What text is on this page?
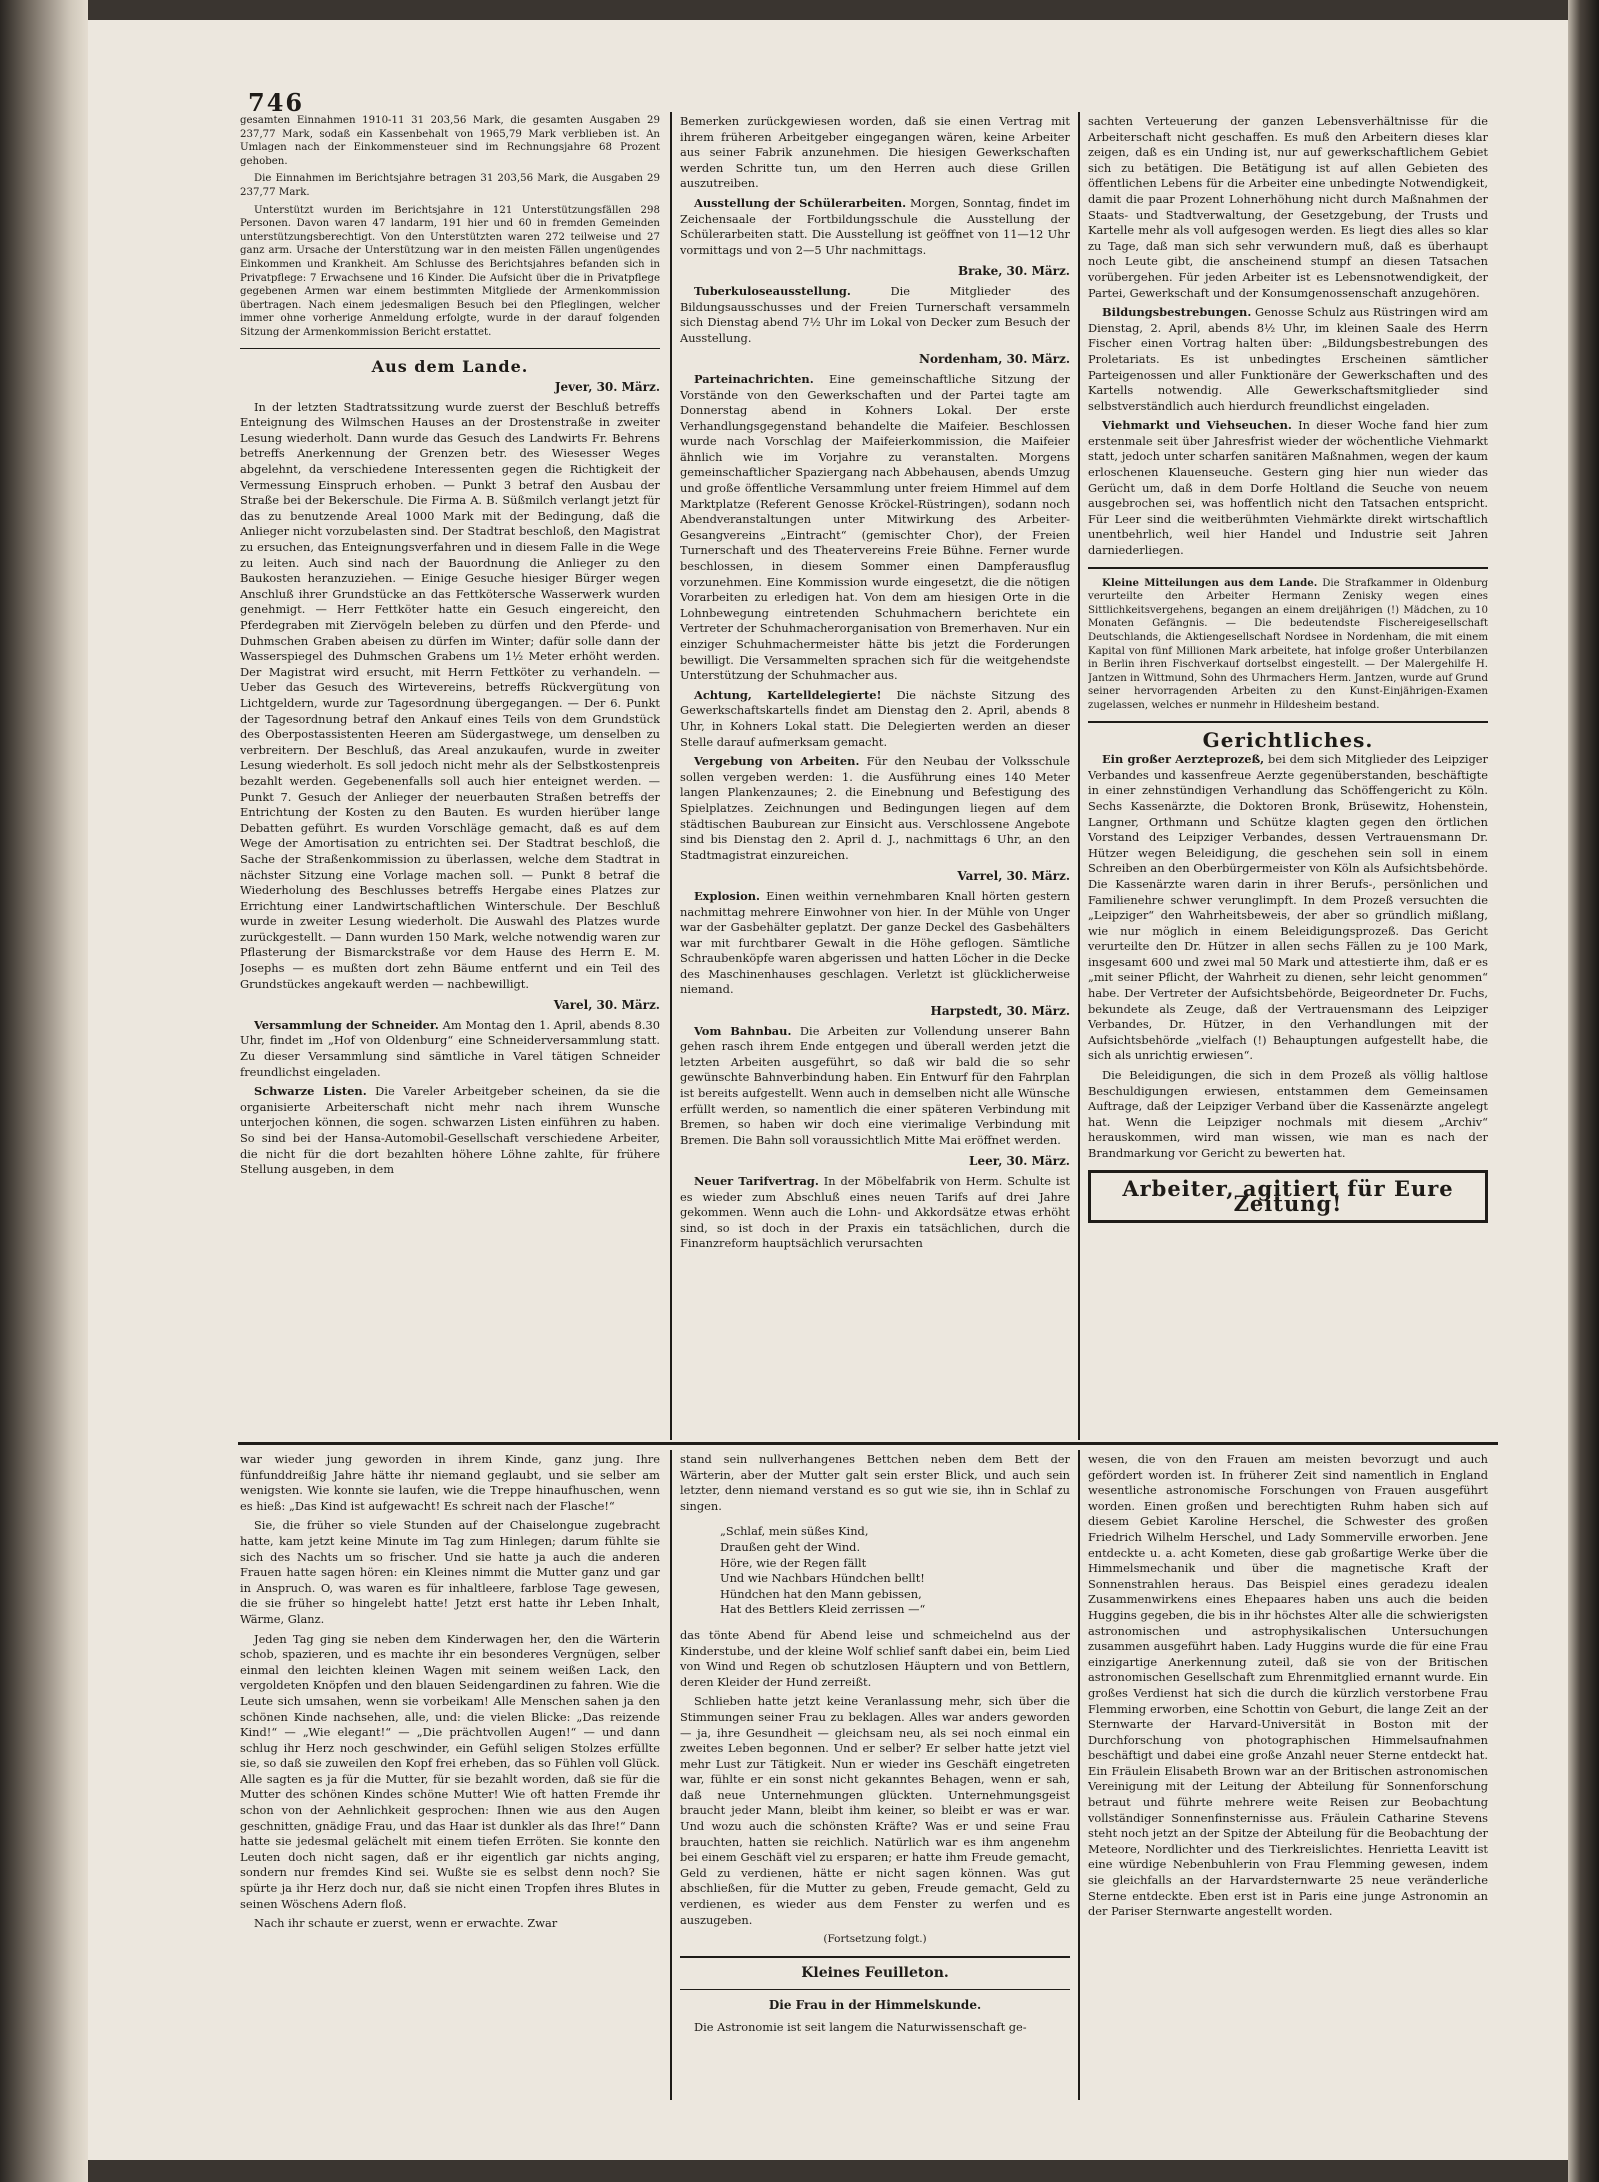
746

gesamten Einnahmen 1910-11 31 203,56 Mark, die gesamten Ausgaben 29 237,77 Mark, sodaß ein Kassenbehalt von 1965,79 Mark verblieben ist. An Umlagen nach der Einkommensteuer sind im Rechnungsjahre 68 Prozent gehoben.

Die Einnahmen im Berichtsjahre betragen 31 203,56 Mark, die Ausgaben 29 237,77 Mark.

Unterstützt wurden im Berichtsjahre in 121 Unterstützungsfällen 298 Personen. Davon waren 47 landarm, 191 hier und 60 in fremden Gemeinden unterstützungsberechtigt. Von den Unterstützten waren 272 teilweise und 27 ganz arm. Ursache der Unterstützung war in den meisten Fällen ungenügendes Einkommen und Krankheit. Am Schlusse des Berichtsjahres befanden sich in Privatpflege: 7 Erwachsene und 16 Kinder. Die Aufsicht über die in Privatpflege gegebenen Armen war einem bestimmten Mitgliede der Armenkommission übertragen. Nach einem jedesmaligen Besuch bei den Pfleglingen, welcher immer ohne vorherige Anmeldung erfolgte, wurde in der darauf folgenden Sitzung der Armenkommission Bericht erstattet.

Aus dem Lande.
Jever, 30. März.

In der letzten Stadtratssitzung wurde zuerst der Beschluß betreffs Enteignung des Wilmschen Hauses an der Drostenstraße in zweiter Lesung wiederholt. Dann wurde das Gesuch des Landwirts Fr. Behrens betreffs Anerkennung der Grenzen betr. des Wiesesser Weges abgelehnt, da verschiedene Interessenten gegen die Richtigkeit der Vermessung Einspruch erhoben. — Punkt 3 betraf den Ausbau der Straße bei der Bekerschule. Die Firma A. B. Süßmilch verlangt jetzt für das zu benutzende Areal 1000 Mark mit der Bedingung, daß die Anlieger nicht vorzubelasten sind. Der Stadtrat beschloß, den Magistrat zu ersuchen, das Enteignungsverfahren und in diesem Falle in die Wege zu leiten. Auch sind nach der Bauordnung die Anlieger zu den Baukosten heranzuziehen. — Einige Gesuche hiesiger Bürger wegen Anschluß ihrer Grundstücke an das Fettkötersche Wasserwerk wurden genehmigt. — Herr Fettköter hatte ein Gesuch eingereicht, den Pferdegraben mit Ziervögeln beleben zu dürfen und den Pferde- und Duhmschen Graben abeisen zu dürfen im Winter; dafür solle dann der Wasserspiegel des Duhmschen Grabens um 1½ Meter erhöht werden. Der Magistrat wird ersucht, mit Herrn Fettköter zu verhandeln. — Ueber das Gesuch des Wirtevereins, betreffs Rückvergütung von Lichtgeldern, wurde zur Tagesordnung übergegangen. — Der 6. Punkt der Tagesordnung betraf den Ankauf eines Teils von dem Grundstück des Oberpostassistenten Heeren am Südergastwege, um denselben zu verbreitern. Der Beschluß, das Areal anzukaufen, wurde in zweiter Lesung wiederholt. Es soll jedoch nicht mehr als der Selbstkostenpreis bezahlt werden. Gegebenenfalls soll auch hier enteignet werden. — Punkt 7. Gesuch der Anlieger der neuerbauten Straßen betreffs der Entrichtung der Kosten zu den Bauten. Es wurden hierüber lange Debatten geführt. Es wurden Vorschläge gemacht, daß es auf dem Wege der Amortisation zu entrichten sei. Der Stadtrat beschloß, die Sache der Straßenkommission zu überlassen, welche dem Stadtrat in nächster Sitzung eine Vorlage machen soll. — Punkt 8 betraf die Wiederholung des Beschlusses betreffs Hergabe eines Platzes zur Errichtung einer Landwirtschaftlichen Winterschule. Der Beschluß wurde in zweiter Lesung wiederholt. Die Auswahl des Platzes wurde zurückgestellt. — Dann wurden 150 Mark, welche notwendig waren zur Pflasterung der Bismarckstraße vor dem Hause des Herrn E. M. Josephs — es mußten dort zehn Bäume entfernt und ein Teil des Grundstückes angekauft werden — nachbewilligt.

Varel, 30. März.

Versammlung der Schneider. Am Montag den 1. April, abends 8.30 Uhr, findet im „Hof von Oldenburg“ eine Schneiderversammlung statt. Zu dieser Versammlung sind sämtliche in Varel tätigen Schneider freundlichst eingeladen.

Schwarze Listen. Die Vareler Arbeitgeber scheinen, da sie die organisierte Arbeiterschaft nicht mehr nach ihrem Wunsche unterjochen können, die sogen. schwarzen Listen einführen zu haben. So sind bei der Hansa-Automobil-Gesellschaft verschiedene Arbeiter, die nicht für die dort bezahlten höhere Löhne zahlte, für frühere Stellung ausgeben, in dem

Bemerken zurückgewiesen worden, daß sie einen Vertrag mit ihrem früheren Arbeitgeber eingegangen wären, keine Arbeiter aus seiner Fabrik anzunehmen. Die hiesigen Gewerkschaften werden Schritte tun, um den Herren auch diese Grillen auszutreiben.

Ausstellung der Schülerarbeiten. Morgen, Sonntag, findet im Zeichensaale der Fortbildungsschule die Ausstellung der Schülerarbeiten statt. Die Ausstellung ist geöffnet von 11—12 Uhr vormittags und von 2—5 Uhr nachmittags.

Brake, 30. März.

Tuberkuloseausstellung.	Die Mitglieder des Bildungsausschusses und der Freien Turnerschaft versammeln sich Dienstag abend 7½ Uhr im Lokal von Decker zum Besuch der Ausstellung.

Nordenham, 30. März.

Parteinachrichten. Eine gemeinschaftliche Sitzung der Vorstände von den Gewerkschaften und der Partei tagte am Donnerstag abend in Kohners Lokal. Der erste Verhandlungsgegenstand behandelte die Maifeier. Beschlossen wurde nach Vorschlag der Maifeierkommission, die Maifeier ähnlich wie im Vorjahre zu veranstalten. Morgens gemeinschaftlicher Spaziergang nach Abbehausen, abends Umzug und große öffentliche Versammlung unter freiem Himmel auf dem Marktplatze (Referent Genosse Kröckel-Rüstringen), sodann noch Abendveranstaltungen unter Mitwirkung des Arbeiter-Gesangvereins „Eintracht“ (gemischter Chor), der Freien Turnerschaft und des Theatervereins Freie Bühne. Ferner wurde beschlossen, in diesem Sommer einen Dampferausflug vorzunehmen. Eine Kommission wurde eingesetzt, die die nötigen Vorarbeiten zu erledigen hat. Von dem am hiesigen Orte in die Lohnbewegung eintretenden Schuhmachern berichtete ein Vertreter der Schuhmacherorganisation von Bremerhaven. Nur ein einziger Schuhmachermeister hätte bis jetzt die Forderungen bewilligt. Die Versammelten sprachen sich für die weitgehendste Unterstützung der Schuhmacher aus.

Achtung, Kartelldelegierte! Die nächste Sitzung des Gewerkschaftskartells findet am Dienstag den 2. April, abends 8 Uhr, in Kohners Lokal statt. Die Delegierten werden an dieser Stelle darauf aufmerksam gemacht.

Vergebung von Arbeiten. Für den Neubau der Volksschule sollen vergeben werden: 1. die Ausführung eines 140 Meter langen Plankenzaunes; 2. die Einebnung und Befestigung des Spielplatzes. Zeichnungen und Bedingungen liegen auf dem städtischen Bauburean zur Einsicht aus. Verschlossene Angebote sind bis Dienstag den 2. April d. J., nachmittags 6 Uhr, an den Stadtmagistrat einzureichen.

Varrel, 30. März.

Explosion. Einen weithin vernehmbaren Knall hörten gestern nachmittag mehrere Einwohner von hier. In der Mühle von Unger war der Gasbehälter geplatzt. Der ganze Deckel des Gasbehälters war mit furchtbarer Gewalt in die Höhe geflogen. Sämtliche Schraubenköpfe waren abgerissen und hatten Löcher in die Decke des Maschinenhauses geschlagen. Verletzt ist glücklicherweise niemand.

Harpstedt, 30. März.

Vom Bahnbau. Die Arbeiten zur Vollendung unserer Bahn gehen rasch ihrem Ende entgegen und überall werden jetzt die letzten Arbeiten ausgeführt, so daß wir bald die so sehr gewünschte Bahnverbindung haben. Ein Entwurf für den Fahrplan ist bereits aufgestellt. Wenn auch in demselben nicht alle Wünsche erfüllt werden, so namentlich die einer späteren Verbindung mit Bremen, so haben wir doch eine vierimalige Verbindung mit Bremen. Die Bahn soll voraussichtlich Mitte Mai eröffnet werden.

Leer, 30. März.

Neuer Tarifvertrag. In der Möbelfabrik von Herm. Schulte ist es wieder zum Abschluß eines neuen Tarifs auf drei Jahre gekommen. Wenn auch die Lohn- und Akkordsätze etwas erhöht sind, so ist doch in der Praxis ein tatsächlichen, durch die Finanzreform hauptsächlich verursachten

sachten Verteuerung der ganzen Lebensverhältnisse für die Arbeiterschaft nicht geschaffen. Es muß den Arbeitern dieses klar zeigen, daß es ein Unding ist, nur auf gewerkschaftlichem Gebiet sich zu betätigen. Die Betätigung ist auf allen Gebieten des öffentlichen Lebens für die Arbeiter eine unbedingte Notwendigkeit, damit die paar Prozent Lohnerhöhung nicht durch Maßnahmen der Staats- und Stadtverwaltung, der Gesetzgebung, der Trusts und Kartelle mehr als voll aufgesogen werden. Es liegt dies alles so klar zu Tage, daß man sich sehr verwundern muß, daß es überhaupt noch Leute gibt, die anscheinend stumpf an diesen Tatsachen vorübergehen. Für jeden Arbeiter ist es Lebensnotwendigkeit, der Partei, Gewerkschaft und der Konsumgenossenschaft anzugehören.

Bildungsbestrebungen. Genosse Schulz aus Rüstringen wird am Dienstag, 2. April, abends 8½ Uhr, im kleinen Saale des Herrn Fischer einen Vortrag halten über: „Bildungsbestrebungen des Proletariats. Es ist unbedingtes Erscheinen sämtlicher Parteigenossen und aller Funktionäre der Gewerkschaften und des Kartells notwendig. Alle Gewerkschaftsmitglieder sind selbstverständlich auch hierdurch freundlichst eingeladen.

Viehmarkt und Viehseuchen. In dieser Woche fand hier zum erstenmale seit über Jahresfrist wieder der wöchentliche Viehmarkt statt, jedoch unter scharfen sanitären Maßnahmen, wegen der kaum erloschenen Klauenseuche. Gestern ging hier nun wieder das Gerücht um, daß in dem Dorfe Holtland die Seuche von neuem ausgebrochen sei, was hoffentlich nicht den Tatsachen entspricht. Für Leer sind die weitberühmten Viehmärkte direkt wirtschaftlich unentbehrlich, weil hier Handel und Industrie seit Jahren darniederliegen.

Kleine Mitteilungen aus dem Lande. Die Strafkammer in Oldenburg verurteilte den Arbeiter Hermann Zenisky wegen eines Sittlichkeitsvergehens, begangen an einem dreijährigen (!) Mädchen, zu 10 Monaten Gefängnis. — Die bedeutendste Fischereigesellschaft Deutschlands, die Aktiengesellschaft Nordsee in Nordenham, die mit einem Kapital von fünf Millionen Mark arbeitete, hat infolge großer Unterbilanzen in Berlin ihren Fischverkauf dortselbst eingestellt. — Der Malergehilfe H. Jantzen in Wittmund, Sohn des Uhrmachers Herm. Jantzen, wurde auf Grund seiner hervorragenden Arbeiten zu den Kunst-Einjährigen-Examen zugelassen, welches er nunmehr in Hildesheim bestand.

Gerichtliches.

Ein großer Aerzteprozeß, bei dem sich Mitglieder des Leipziger Verbandes und kassenfreue Aerzte gegenüberstanden, beschäftigte in einer zehnstündigen Verhandlung das Schöffengericht zu Köln. Sechs Kassenärzte, die Doktoren Bronk, Brüsewitz, Hohenstein, Langner, Orthmann und Schütze klagten gegen den örtlichen Vorstand des Leipziger Verbandes, dessen Vertrauensmann Dr. Hützer wegen Beleidigung, die geschehen sein soll in einem Schreiben an den Oberbürgermeister von Köln als Aufsichtsbehörde. Die Kassenärzte waren darin in ihrer Berufs-, persönlichen und Familienehre schwer verunglimpft. In dem Prozeß versuchten die „Leipziger“ den Wahrheitsbeweis, der aber so gründlich mißlang, wie nur möglich in einem Beleidigungsprozeß. Das Gericht verurteilte den Dr. Hützer in allen sechs Fällen zu je 100 Mark, insgesamt 600 und zwei mal 50 Mark und attestierte ihm, daß er es „mit seiner Pflicht, der Wahrheit zu dienen, sehr leicht genommen“ habe. Der Vertreter der Aufsichtsbehörde, Beigeordneter Dr. Fuchs, bekundete als Zeuge, daß der Vertrauensmann des Leipziger Verbandes, Dr. Hützer, in den Verhandlungen mit der Aufsichtsbehörde „vielfach (!) Behauptungen aufgestellt habe, die sich als unrichtig erwiesen“.

Die Beleidigungen, die sich in dem Prozeß als völlig haltlose Beschuldigungen erwiesen, entstammen dem Gemeinsamen Auftrage, daß der Leipziger Verband über die Kassenärzte angelegt hat. Wenn die Leipziger nochmals mit diesem „Archiv“ herauskommen, wird man wissen, wie man es nach der Brandmarkung vor Gericht zu bewerten hat.

Arbeiter, agitiert für Eure Zeitung!

war wieder jung geworden in ihrem Kinde, ganz jung. Ihre fünfunddreißig Jahre hätte ihr niemand geglaubt, und sie selber am wenigsten. Wie konnte sie laufen, wie die Treppe hinaufhuschen, wenn es hieß: „Das Kind ist aufgewacht! Es schreit nach der Flasche!“

Sie, die früher so viele Stunden auf der Chaiselongue zugebracht hatte, kam jetzt keine Minute im Tag zum Hinlegen; darum fühlte sie sich des Nachts um so frischer. Und sie hatte ja auch die anderen Frauen hatte sagen hören: ein Kleines nimmt die Mutter ganz und gar in Anspruch. O, was waren es für inhaltleere, farblose Tage gewesen, die sie früher so hingelebt hatte! Jetzt erst hatte ihr Leben Inhalt, Wärme, Glanz.

Jeden Tag ging sie neben dem Kinderwagen her, den die Wärterin schob, spazieren, und es machte ihr ein besonderes Vergnügen, selber einmal den leichten kleinen Wagen mit seinem weißen Lack, den vergoldeten Knöpfen und den blauen Seidengardinen zu fahren. Wie die Leute sich umsahen, wenn sie vorbeikam! Alle Menschen sahen ja den schönen Kinde nachsehen, alle, und: die vielen Blicke: „Das reizende Kind!“ — „Wie elegant!“ — „Die prächtvollen Augen!“ — und dann schlug ihr Herz noch geschwinder, ein Gefühl seligen Stolzes erfüllte sie, so daß sie zuweilen den Kopf frei erheben, das so Fühlen voll Glück. Alle sagten es ja für die Mutter, für sie bezahlt worden, daß sie für die Mutter des schönen Kindes schöne Mutter! Wie oft hatten Fremde ihr schon von der Aehnlichkeit gesprochen: Ihnen wie aus den Augen geschnitten, gnädige Frau, und das Haar ist dunkler als das Ihre!“ Dann hatte sie jedesmal gelächelt mit einem tiefen Erröten. Sie konnte den Leuten doch nicht sagen, daß er ihr eigentlich gar nichts anging, sondern nur fremdes Kind sei. Wußte sie es selbst denn noch? Sie spürte ja ihr Herz doch nur, daß sie nicht einen Tropfen ihres Blutes in seinen Wöschens Adern floß.

Nach ihr schaute er zuerst, wenn er erwachte. Zwar

stand sein nullverhangenes Bettchen neben dem Bett der Wärterin, aber der Mutter galt sein erster Blick, und auch sein letzter, denn niemand verstand es so gut wie sie, ihn in Schlaf zu singen.

„Schlaf, mein süßes Kind,
Draußen geht der Wind.
Höre, wie der Regen fällt
Und wie Nachbars Hündchen bellt!
Hündchen hat den Mann gebissen,
Hat des Bettlers Kleid zerrissen —“

das tönte Abend für Abend leise und schmeichelnd aus der Kinderstube, und der kleine Wolf schlief sanft dabei ein, beim Lied von Wind und Regen ob schutzlosen Häuptern und von Bettlern, deren Kleider der Hund zerreißt.

Schlieben hatte jetzt keine Veranlassung mehr, sich über die Stimmungen seiner Frau zu beklagen. Alles war anders geworden — ja, ihre Gesundheit — gleichsam neu, als sei noch einmal ein zweites Leben begonnen. Und er selber? Er selber hatte jetzt viel mehr Lust zur Tätigkeit. Nun er wieder ins Geschäft eingetreten war, fühlte er ein sonst nicht gekanntes Behagen, wenn er sah, daß neue Unternehmungen glückten. Unternehmungsgeist braucht jeder Mann, bleibt ihm keiner, so bleibt er was er war. Und wozu auch die schönsten Kräfte? Was er und seine Frau brauchten, hatten sie reichlich. Natürlich war es ihm angenehm bei einem Geschäft viel zu ersparen; er hatte ihm Freude gemacht, Geld zu verdienen, hätte er nicht sagen können. Was gut abschließen, für die Mutter zu geben, Freude gemacht, Geld zu verdienen, es wieder aus dem Fenster zu werfen und es auszugeben.

(Fortsetzung folgt.)
Kleines Feuilleton.
Die Frau in der Himmelskunde.

Die Astronomie ist seit langem die Naturwissenschaft ge-

wesen, die von den Frauen am meisten bevorzugt und auch gefördert worden ist. In früherer Zeit sind namentlich in England wesentliche astronomische Forschungen von Frauen ausgeführt worden. Einen großen und berechtigten Ruhm haben sich auf diesem Gebiet Karoline Herschel, die Schwester des großen Friedrich Wilhelm Herschel, und Lady Sommerville erworben. Jene entdeckte u. a. acht Kometen, diese gab großartige Werke über die Himmelsmechanik und über die magnetische Kraft der Sonnenstrahlen heraus. Das Beispiel eines geradezu idealen Zusammenwirkens eines Ehepaares haben uns auch die beiden Huggins gegeben, die bis in ihr höchstes Alter alle die schwierigsten astronomischen und astrophysikalischen Untersuchungen zusammen ausgeführt haben. Lady Huggins wurde die für eine Frau einzigartige Anerkennung zuteil, daß sie von der Britischen astronomischen Gesellschaft zum Ehrenmitglied ernannt wurde. Ein großes Verdienst hat sich die durch die kürzlich verstorbene Frau Flemming erworben, eine Schottin von Geburt, die lange Zeit an der Sternwarte der Harvard-Universität in Boston mit der Durchforschung von photographischen Himmelsaufnahmen beschäftigt und dabei eine große Anzahl neuer Sterne entdeckt hat. Ein Fräulein Elisabeth Brown war an der Britischen astronomischen Vereinigung mit der Leitung der Abteilung für Sonnenforschung betraut und führte mehrere weite Reisen zur Beobachtung vollständiger Sonnenfinsternisse aus. Fräulein Catharine Stevens steht noch jetzt an der Spitze der Abteilung für die Beobachtung der Meteore, Nordlichter und des Tierkreislichtes. Henrietta Leavitt ist eine würdige Nebenbuhlerin von Frau Flemming gewesen, indem sie gleichfalls an der Harvardsternwarte 25 neue veränderliche Sterne entdeckte. Eben erst ist in Paris eine junge Astronomin an der Pariser Sternwarte angestellt worden.
